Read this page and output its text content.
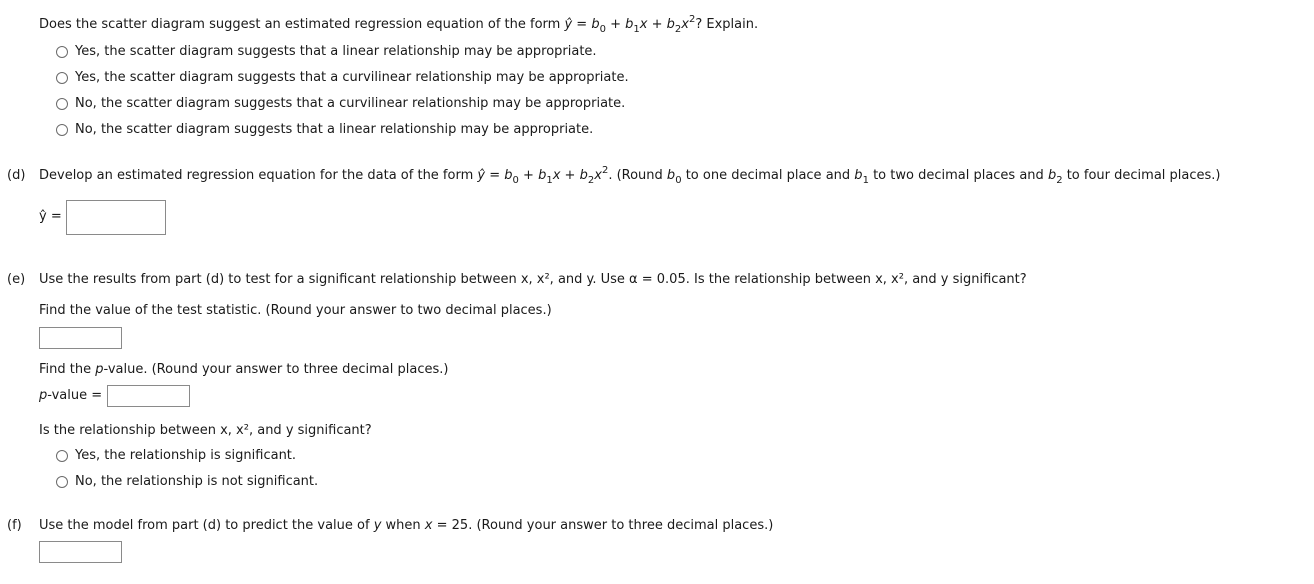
Does the scatter diagram suggest an estimated regression equation of the form ŷ = $b_0 + b_1x + b_2x^2$? Explain.
Yes, the scatter diagram suggests that a linear relationship may be appropriate.
Yes, the scatter diagram suggests that a curvilinear relationship may be appropriate.
No, the scatter diagram suggests that a curvilinear relationship may be appropriate.
No, the scatter diagram suggests that a linear relationship may be appropriate.
(d) Develop an estimated regression equation for the data of the form ŷ = $b_0 + b_1x + b_2x^2$. (Round $b_0$ to one decimal place and $b_1$ to two decimal places and $b_2$ to four decimal places.)
ŷ =
(e) Use the results from part (d) to test for a significant relationship between x, x², and y. Use α = 0.05. Is the relationship between x, x², and y significant?
Find the value of the test statistic. (Round your answer to two decimal places.)
Find the p-value. (Round your answer to three decimal places.)
p-value =
Is the relationship between x, x², and y significant?
Yes, the relationship is significant.
No, the relationship is not significant.
(f) Use the model from part (d) to predict the value of y when x = 25. (Round your answer to three decimal places.)
